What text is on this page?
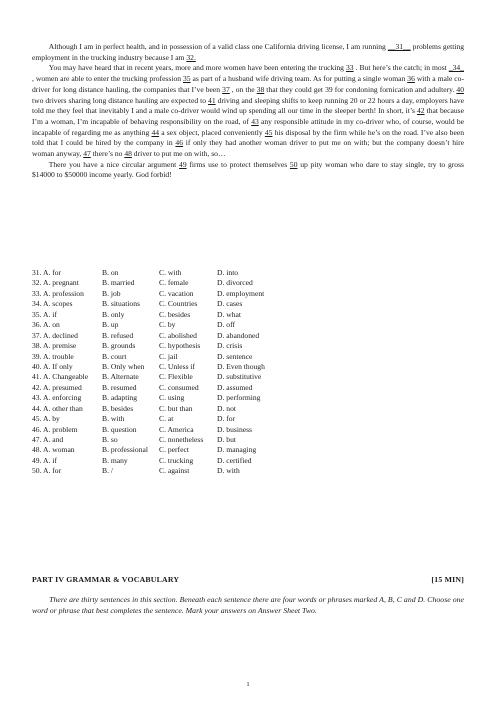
Although I am in perfect health, and in possession of a valid class one California driving license, I am running __31__ problems getting employment in the trucking industry because I am 32.

You may have heard that in recent years, more and more women have been entering the trucking 33 . But here’s the catch; in most _34_ , women are able to enter the trucking profession 35 as part of a husband wife driving team. As for putting a single woman 36 with a male co-driver for long distance hauling, the companies that I’ve been 37 , on the 38 that they could get 39 for condoning fornication and adultery. 40 two drivers sharing long distance hauling are expected to 41 driving and sleeping shifts to keep running 20 or 22 hours a day, employers have told me they feel that inevitably I and a male co-driver would wind up spending all our time in the sleeper berth! In short, it’s 42 that because I’m a woman, I’m incapable of behaving responsibility on the road, of 43 any responsible attitude in my co-driver who, of course, would be incapable of regarding me as anything 44 a sex object, placed conveniently 45 his disposal by the firm while he’s on the road. I’ve also been told that I could be hired by the company in 46 if only they had another woman driver to put me on with; but the company doesn’t hire woman anyway, 47 there’s no 48 driver to put me on with, so…

There you have a nice circular argument 49 firms use to protect themselves 50 up pity woman who dare to stay single, try to gross $14000 to $50000 income yearly. God forbid!

31. A. for	B. on	C. with	D. into
32. A. pregnant	B. married	C. female	D. divorced
33. A. profession B. job	C. vacation	D. employment
34. A. scopes	B. situations	C. Countries	D. cases
35. A. if	B. only	C. besides	D. what
36. A. on	B. up	C. by	D. off
37. A. declined	B. refused	C. abolished	D. abandoned
38. A. premise	B. grounds	C. hypothesis D. crisis
39. A. trouble	B. court	C. jail	D. sentence
40. A. If only	B. Only when C. Unless if	D. Even though
41. A. Changeable B. Alternate	C. Flexible	D. substitutive
42. A. presumed	B. resumed	C. consumed D. assumed
43. A. enforcing	B. adapting	C. using	D. performing
44. A. other than	B. besides	C. but than	D. not
45. A. by	B. with	C. at	D. for
46. A. problem	B. question	C. America	D. business
47. A. and	B. so	C. nonetheless D. but
48. A. woman	B. professional C. perfect	D. managing
49. A. if	B. many	C. trucking	D. certified
50. A. for	B. /	C. against	D. with
PART IV GRAMMAR & VOCABULARY	[15 MIN]
There are thirty sentences in this section. Beneath each sentence there are four words or phrases marked A, B, C and D. Choose one word or phrase that best completes the sentence. Mark your answers on Answer Sheet Two.
1
